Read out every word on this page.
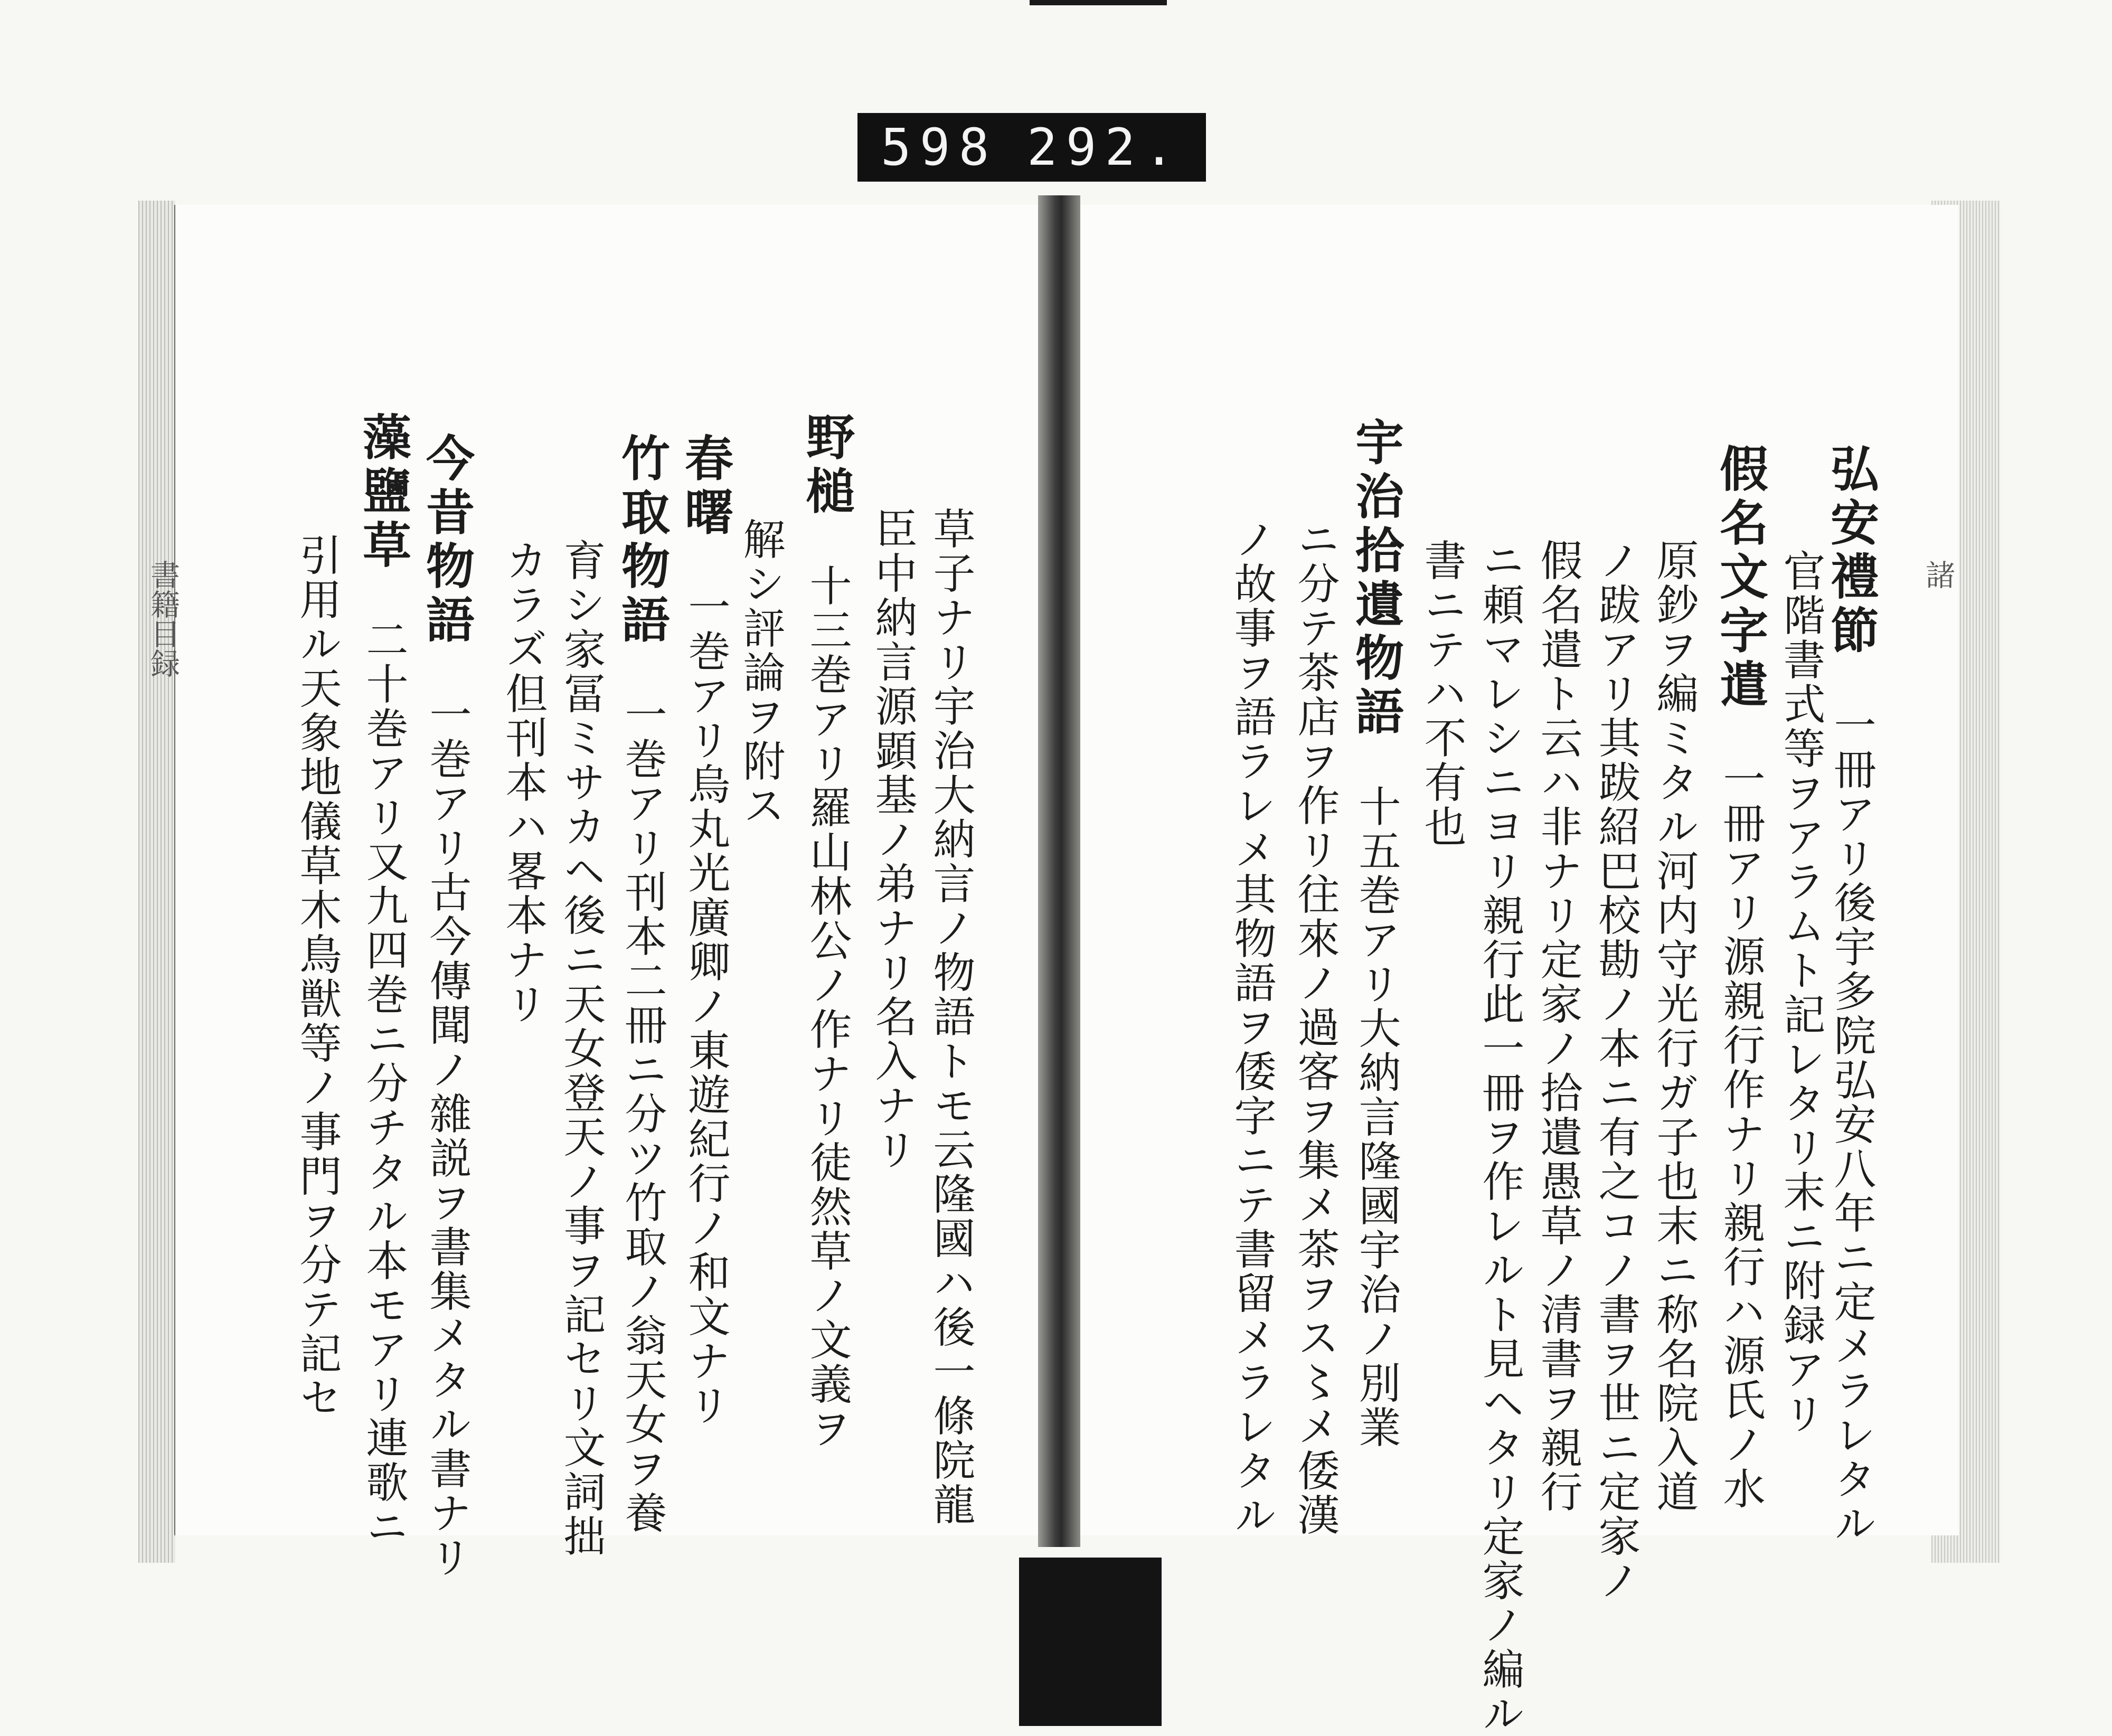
598 292.
諸
書籍目録	弘安禮節　一冊アリ後宇多院弘安八年ニ定メラレタル
官階書式等ヲアラムト記レタリ末ニ附録アリ
假名文字遣　一冊アリ源親行作ナリ親行ハ源氏ノ水
原鈔ヲ編ミタル河内守光行ガ子也末ニ称名院入道
ノ跋アリ其跋紹巴校勘ノ本ニ有之コノ書ヲ世ニ定家ノ
假名遣ト云ハ非ナリ定家ノ拾遺愚草ノ清書ヲ親行
ニ頼マレシニヨリ親行此一冊ヲ作レルト見ヘタリ定家ノ編ル
書ニテハ不有也
宇治拾遺物語　十五巻アリ大納言隆國宇治ノ別業
ニ分テ茶店ヲ作リ往來ノ過客ヲ集メ茶ヲス〻メ倭漢
ノ故事ヲ語ラレメ其物語ヲ倭字ニテ書留メラレタル
草子ナリ宇治大納言ノ物語トモ云隆國ハ後一條院龍
臣中納言源顕基ノ弟ナリ名入ナリ
野槌　十三巻アリ羅山林公ノ作ナリ徒然草ノ文義ヲ
解シ評論ヲ附ス
春曙　一巻アリ烏丸光廣卿ノ東遊紀行ノ和文ナリ
竹取物語　一巻アリ刊本二冊ニ分ツ竹取ノ翁天女ヲ養
育シ家冨ミサカヘ後ニ天女登天ノ事ヲ記セリ文詞拙
カラズ但刊本ハ畧本ナリ
今昔物語　一巻アリ古今傳聞ノ雜説ヲ書集メタル書ナリ
藻鹽草　二十巻アリ又九四巻ニ分チタル本モアリ連歌ニ
引用ル天象地儀草木鳥獣等ノ事門ヲ分テ記セ
